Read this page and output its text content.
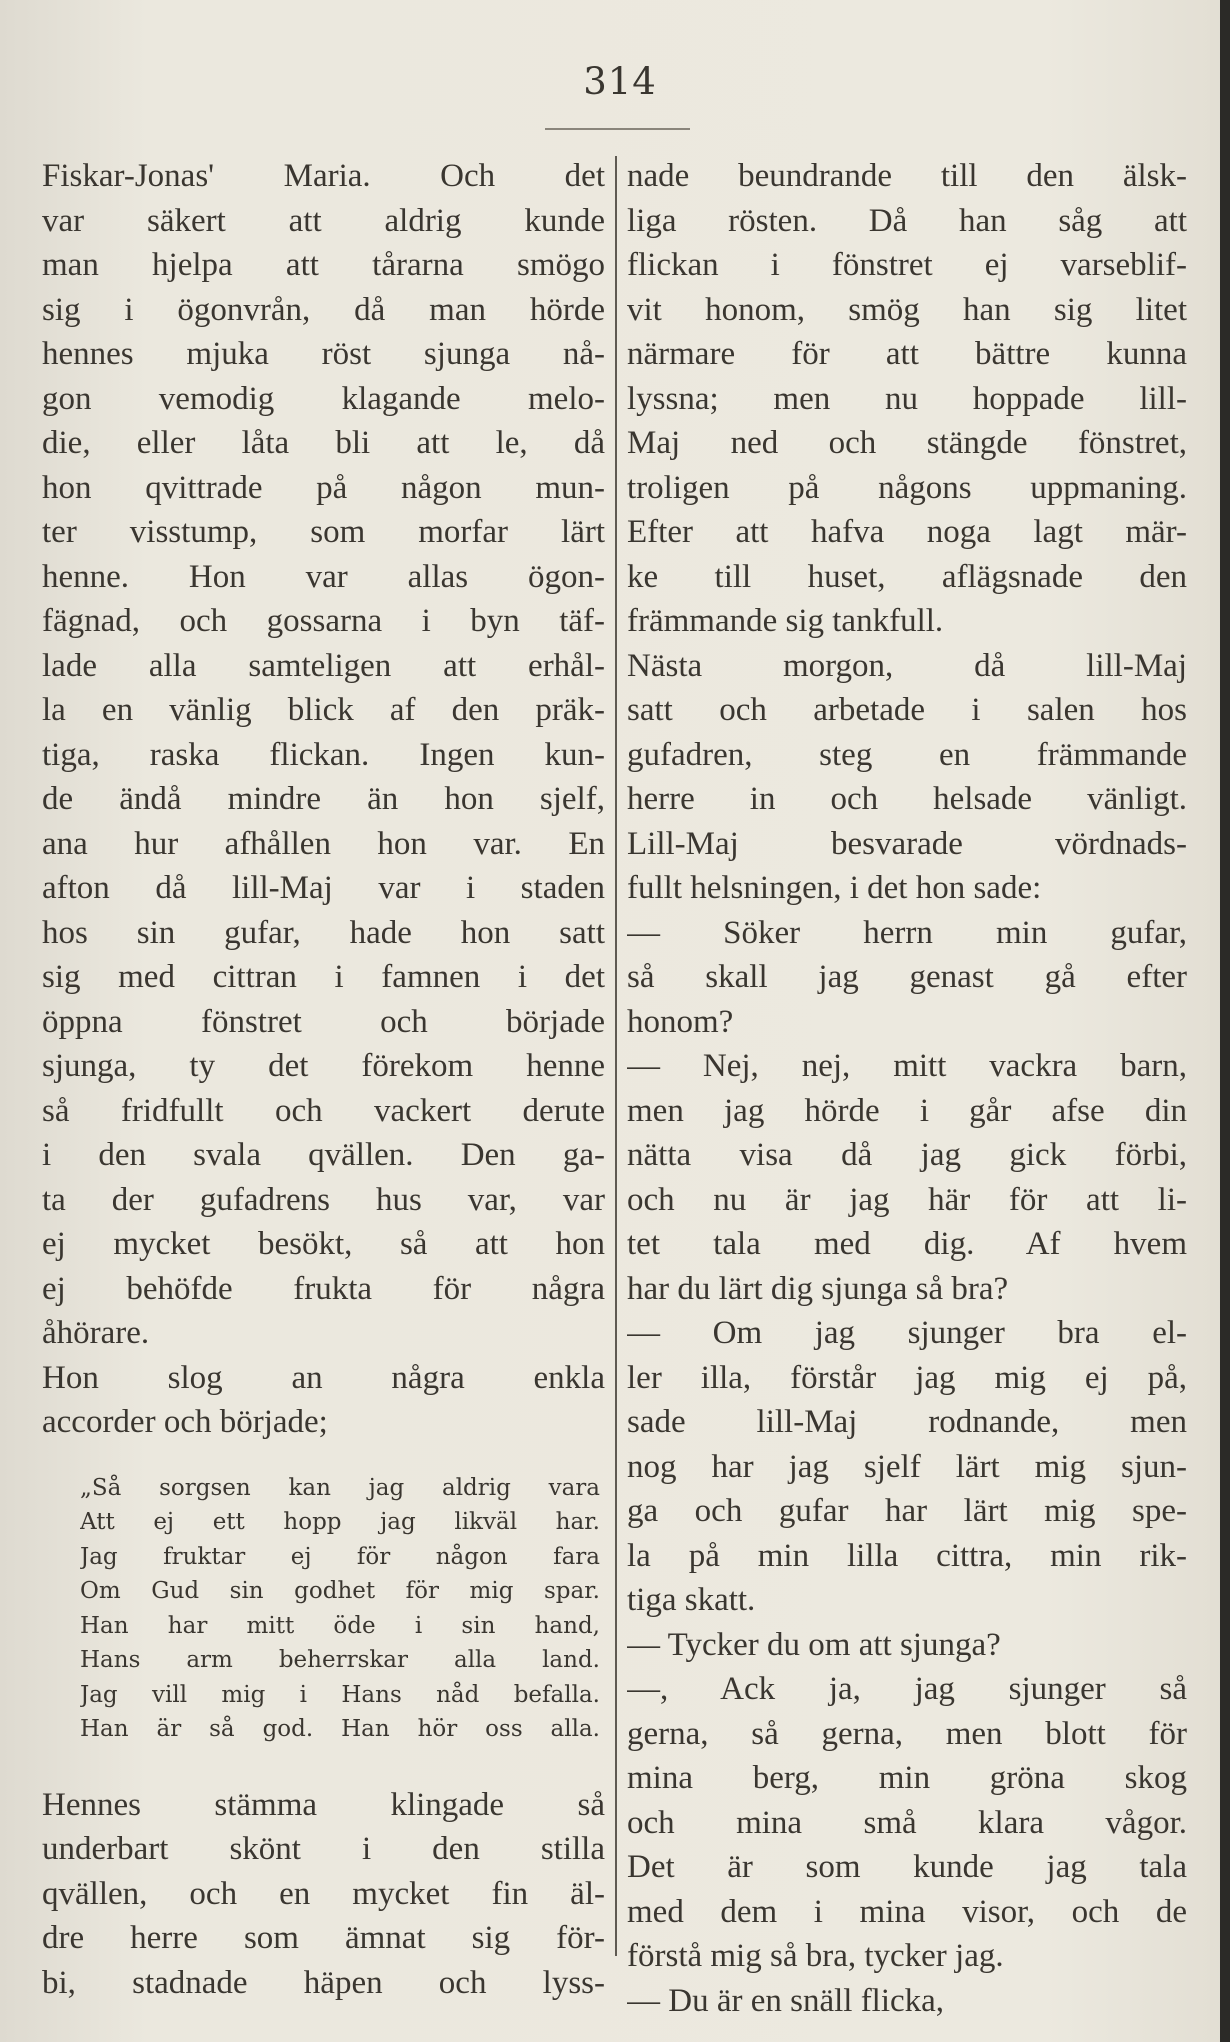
314
Fiskar-Jonas' Maria. Och det
var säkert att aldrig kunde
man hjelpa att tårarna smögo
sig i ögonvrån, då man hörde
hennes mjuka röst sjunga nå-
gon vemodig klagande melo-
die, eller låta bli att le, då
hon qvittrade på någon mun-
ter visstump, som morfar lärt
henne. Hon var allas ögon-
fägnad, och gossarna i byn täf-
lade alla samteligen att erhål-
la en vänlig blick af den präk-
tiga, raska flickan. Ingen kun-
de ändå mindre än hon sjelf,
ana hur afhållen hon var. En
afton då lill-Maj var i staden
hos sin gufar, hade hon satt
sig med cittran i famnen i det
öppna fönstret och började
sjunga, ty det förekom henne
så fridfullt och vackert derute
i den svala qvällen. Den ga-
ta der gufadrens hus var, var
ej mycket besökt, så att hon
ej behöfde frukta för några
åhörare.
Hon slog an några enkla
accorder och började;
„Så sorgsen kan jag aldrig vara
Att ej ett hopp jag likväl har.
Jag fruktar ej för någon fara
Om Gud sin godhet för mig spar.
Han har mitt öde i sin hand,
Hans arm beherrskar alla land.
Jag vill mig i Hans nåd befalla.
Han är så god. Han hör oss alla.
Hennes stämma klingade så
underbart skönt i den stilla
qvällen, och en mycket fin äl-
dre herre som ämnat sig för-
bi, stadnade häpen och lyss-
nade beundrande till den älsk-
liga rösten. Då han såg att
flickan i fönstret ej varseblif-
vit honom, smög han sig litet
närmare för att bättre kunna
lyssna; men nu hoppade lill-
Maj ned och stängde fönstret,
troligen på någons uppmaning.
Efter att hafva noga lagt mär-
ke till huset, aflägsnade den
främmande sig tankfull.
Nästa morgon, då lill-Maj
satt och arbetade i salen hos
gufadren, steg en främmande
herre in och helsade vänligt.
Lill-Maj besvarade vördnads-
fullt helsningen, i det hon sade:
— Söker herrn min gufar,
så skall jag genast gå efter
honom?
— Nej, nej, mitt vackra barn,
men jag hörde i går afse din
nätta visa då jag gick förbi,
och nu är jag här för att li-
tet tala med dig. Af hvem
har du lärt dig sjunga så bra?
— Om jag sjunger bra el-
ler illa, förstår jag mig ej på,
sade lill-Maj rodnande, men
nog har jag sjelf lärt mig sjun-
ga och gufar har lärt mig spe-
la på min lilla cittra, min rik-
tiga skatt.
— Tycker du om att sjunga?
—, Ack ja, jag sjunger så
gerna, så gerna, men blott för
mina berg, min gröna skog
och mina små klara vågor.
Det är som kunde jag tala
med dem i mina visor, och de
förstå mig så bra, tycker jag.
— Du är en snäll flicka,
